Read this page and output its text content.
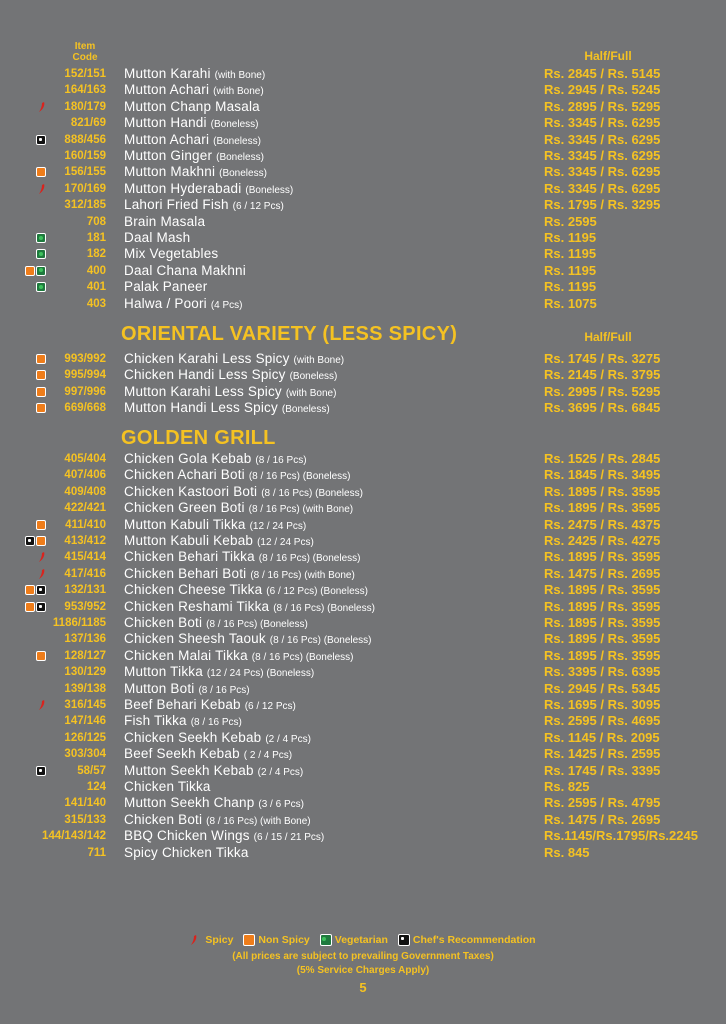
Item
Code	Half/Full
152/151 Mutton Karahi (with Bone)	Rs. 2845 / Rs. 5145
164/163 Mutton Achari (with Bone)	Rs. 2945 / Rs. 5245
180/179 Mutton Chanp Masala	Rs. 2895 / Rs. 5295
821/69 Mutton Handi (Boneless)	Rs. 3345 / Rs. 6295
888/456 Mutton Achari (Boneless)	Rs. 3345 / Rs. 6295
160/159 Mutton Ginger (Boneless)	Rs. 3345 / Rs. 6295
156/155 Mutton Makhni (Boneless)	Rs. 3345 / Rs. 6295
170/169 Mutton Hyderabadi (Boneless)	Rs. 3345 / Rs. 6295
312/185 Lahori Fried Fish (6 / 12 Pcs)	Rs. 1795 / Rs. 3295
708 Brain Masala	Rs. 2595
181 Daal Mash	Rs. 1195
182 Mix Vegetables	Rs. 1195
400 Daal Chana Makhni	Rs. 1195
401 Palak Paneer	Rs. 1195
403 Halwa / Poori (4 Pcs)	Rs. 1075
ORIENTAL VARIETY (LESS SPICY)	Half/Full
993/992 Chicken Karahi Less Spicy (with Bone)	Rs. 1745 / Rs. 3275
995/994 Chicken Handi Less Spicy (Boneless)	Rs. 2145 / Rs. 3795
997/996 Mutton Karahi Less Spicy (with Bone)	Rs. 2995 / Rs. 5295
669/668 Mutton Handi Less Spicy (Boneless)	Rs. 3695 / Rs. 6845
GOLDEN GRILL
405/404 Chicken Gola Kebab (8 / 16 Pcs)	Rs. 1525 / Rs. 2845
407/406 Chicken Achari Boti (8 / 16 Pcs) (Boneless)	Rs. 1845 / Rs. 3495
409/408 Chicken Kastoori Boti (8 / 16 Pcs) (Boneless)	Rs. 1895 / Rs. 3595
422/421 Chicken Green Boti (8 / 16 Pcs) (with Bone)	Rs. 1895 / Rs. 3595
411/410 Mutton Kabuli Tikka (12 / 24 Pcs)	Rs. 2475 / Rs. 4375
413/412 Mutton Kabuli Kebab (12 / 24 Pcs)	Rs. 2425 / Rs. 4275
415/414 Chicken Behari Tikka (8 / 16 Pcs) (Boneless)	Rs. 1895 / Rs. 3595
417/416 Chicken Behari Boti (8 / 16 Pcs) (with Bone)	Rs. 1475 / Rs. 2695
132/131 Chicken Cheese Tikka (6 / 12 Pcs) (Boneless)	Rs. 1895 / Rs. 3595
953/952 Chicken Reshami Tikka (8 / 16 Pcs) (Boneless)	Rs. 1895 / Rs. 3595
1186/1185 Chicken Boti (8 / 16 Pcs) (Boneless)	Rs. 1895 / Rs. 3595
137/136 Chicken Sheesh Taouk (8 / 16 Pcs) (Boneless)	Rs. 1895 / Rs. 3595
128/127 Chicken Malai Tikka (8 / 16 Pcs) (Boneless)	Rs. 1895 / Rs. 3595
130/129 Mutton Tikka (12 / 24 Pcs) (Boneless)	Rs. 3395 / Rs. 6395
139/138 Mutton Boti (8 / 16 Pcs)	Rs. 2945 / Rs. 5345
316/145 Beef Behari Kebab (6 / 12 Pcs)	Rs. 1695 / Rs. 3095
147/146 Fish Tikka (8 / 16 Pcs)	Rs. 2595 / Rs. 4695
126/125 Chicken Seekh Kebab (2 / 4 Pcs)	Rs. 1145 / Rs. 2095
303/304 Beef Seekh Kebab ( 2 / 4 Pcs)	Rs. 1425 / Rs. 2595
58/57 Mutton Seekh Kebab (2 / 4 Pcs)	Rs. 1745 / Rs. 3395
124 Chicken Tikka	Rs. 825
141/140 Mutton Seekh Chanp (3 / 6 Pcs)	Rs. 2595 / Rs. 4795
315/133 Chicken Boti (8 / 16 Pcs) (with Bone)	Rs. 1475 / Rs. 2695
144/143/142 BBQ Chicken Wings (6 / 15 / 21 Pcs)	Rs.1145/Rs.1795/Rs.2245
711 Spicy Chicken Tikka	Rs. 845
Spicy Non Spicy Vegetarian Chef's Recommendation
(All prices are subject to prevailing Government Taxes)
(5% Service Charges Apply)
5
